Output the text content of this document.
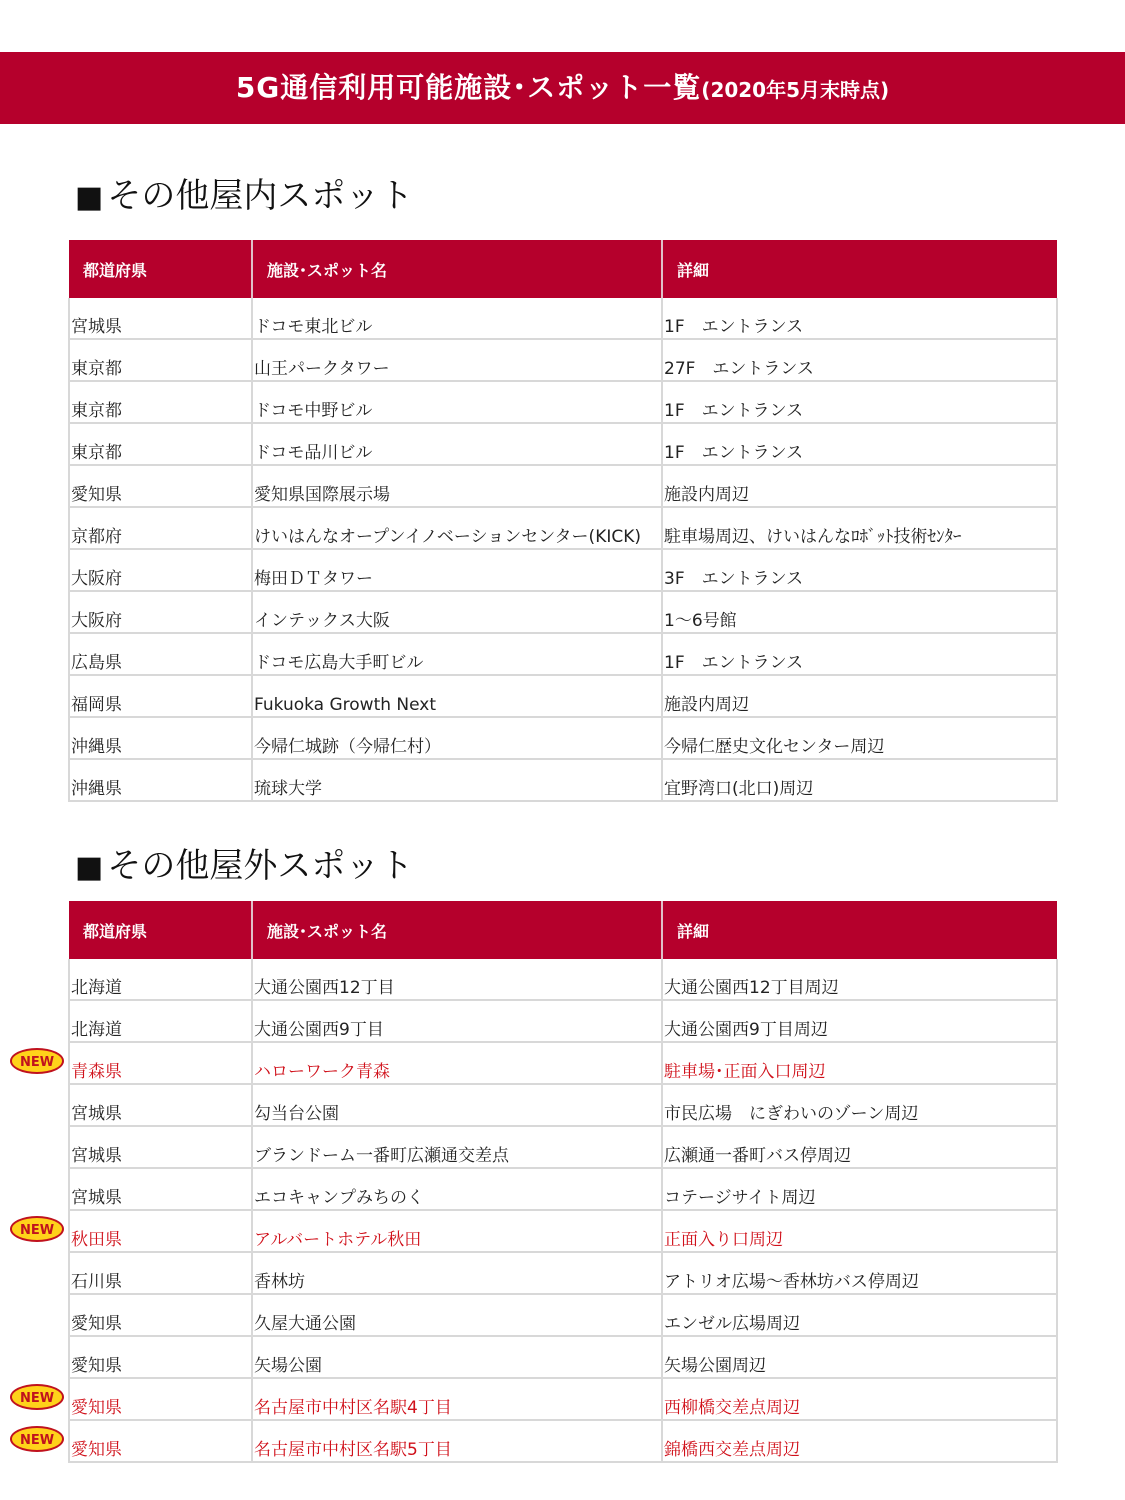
5G通信利用可能施設･スポット一覧(2020年5月末時点)
■ その他屋内スポット
都道府県	施設･スポット名	詳細
宮城県	ドコモ東北ビル	1F　エントランス
東京都	山王パークタワー	27F　エントランス
東京都	ドコモ中野ビル	1F　エントランス
東京都	ドコモ品川ビル	1F　エントランス
愛知県	愛知県国際展示場	施設内周辺
京都府	けいはんなオープンイノベーションセンター(KICK)	駐車場周辺、けいはんなﾛﾎﾞｯﾄ技術ｾﾝﾀｰ
大阪府	梅田ＤＴタワー	3F　エントランス
大阪府	インテックス大阪	1～6号館
広島県	ドコモ広島大手町ビル	1F　エントランス
福岡県	Fukuoka Growth Next	施設内周辺
沖縄県	今帰仁城跡（今帰仁村）	今帰仁歴史文化センター周辺
沖縄県	琉球大学	宜野湾口(北口)周辺
■ その他屋外スポット
都道府県	施設･スポット名	詳細
北海道	大通公園西12丁目	大通公園西12丁目周辺
北海道	大通公園西9丁目	大通公園西9丁目周辺
青森県	ハローワーク青森	駐車場･正面入口周辺
宮城県	勾当台公園	市民広場　にぎわいのゾーン周辺
宮城県	ブランドーム一番町広瀬通交差点	広瀬通一番町バス停周辺
宮城県	エコキャンプみちのく	コテージサイト周辺
秋田県	アルバートホテル秋田	正面入り口周辺
石川県	香林坊	アトリオ広場～香林坊バス停周辺
愛知県	久屋大通公園	エンゼル広場周辺
愛知県	矢場公園	矢場公園周辺
愛知県	名古屋市中村区名駅4丁目	西柳橋交差点周辺
愛知県	名古屋市中村区名駅5丁目	錦橋西交差点周辺
NEW
NEW
NEW
NEW
